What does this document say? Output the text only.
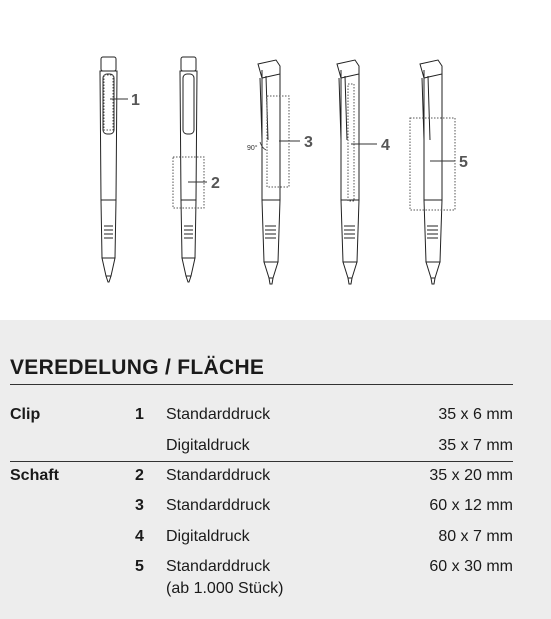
90°
1
2
3	4
5
VEREDELUNG / FLÄCHE
Clip	1 Standarddruck	35 x 6 mm
Digitaldruck	35 x 7 mm
Schaft	2 Standarddruck	35 x 20 mm
3 Standarddruck	60 x 12 mm
4 Digitaldruck	80 x 7 mm
5 Standarddruck	60 x 30 mm
(ab 1.000 Stück)
